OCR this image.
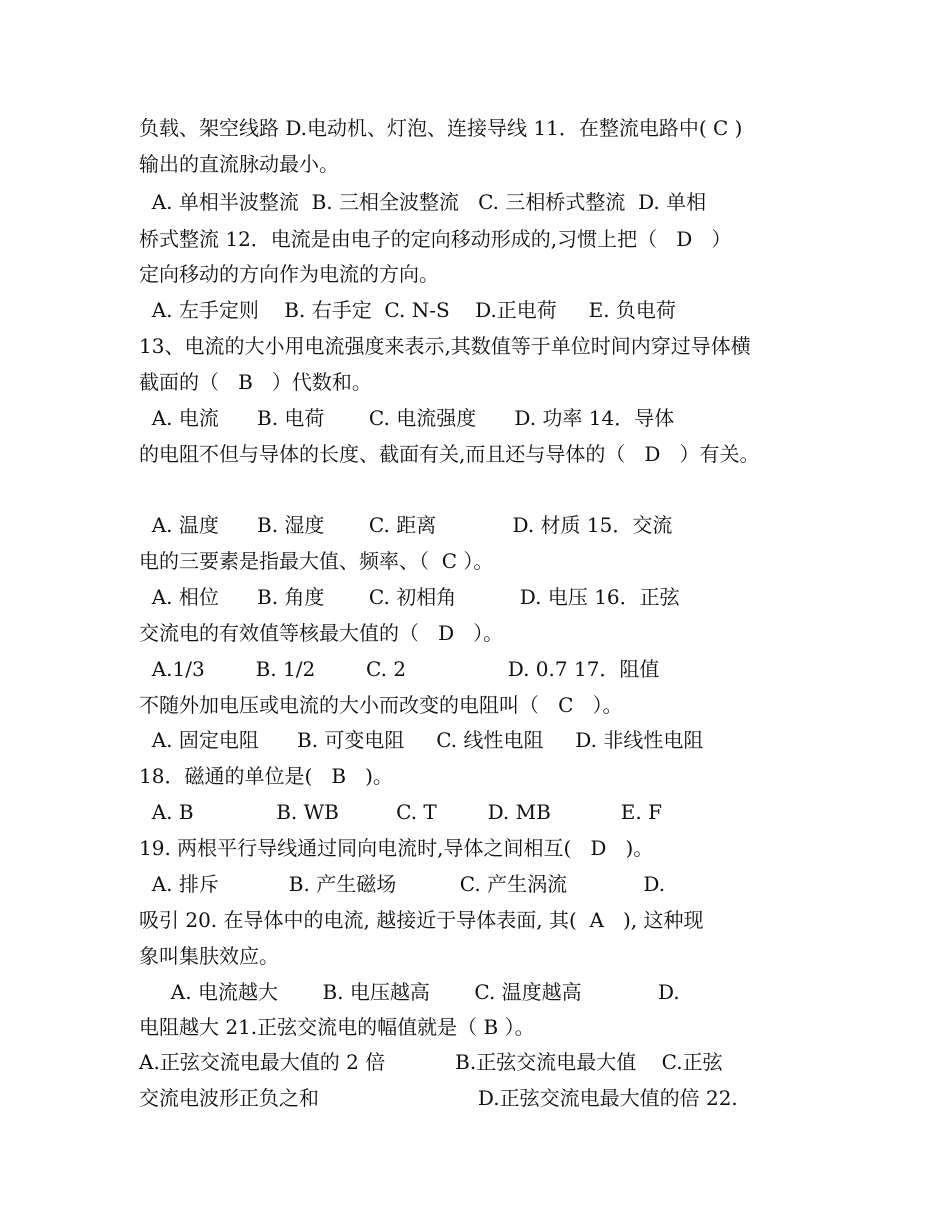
负载、架空线路 D.电动机、灯泡、连接导线 11．在整流电路中( C )
输出的直流脉动最小。
A. 单相半波整流  B. 三相全波整流   C. 三相桥式整流  D. 单相
桥式整流 12．电流是由电子的定向移动形成的,习惯上把（   D   ）
定向移动的方向作为电流的方向。
A. 左手定则    B. 右手定  C. N-S    D.正电荷     E. 负电荷
13、电流的大小用电流强度来表示,其数值等于单位时间内穿过导体横
截面的（   B   ）代数和。
A. 电流      B. 电荷       C. 电流强度      D. 功率 14．导体
的电阻不但与导体的长度、截面有关,而且还与导体的（   D   ）有关。
A. 温度      B. 湿度       C. 距离            D. 材质 15．交流
电的三要素是指最大值、频率、（  C ）。
A. 相位      B. 角度       C. 初相角          D. 电压 16．正弦
交流电的有效值等核最大值的（   D   ）。
A.1/3        B. 1/2        C. 2                D. 0.7 17．阻值
不随外加电压或电流的大小而改变的电阻叫（   C   ）。
A. 固定电阻      B. 可变电阻     C. 线性电阻     D. 非线性电阻
18．磁通的单位是(   B   )。
A. B             B. WB         C. T        D. MB           E. F
19. 两根平行导线通过同向电流时,导体之间相互(   D   )。
A. 排斥           B. 产生磁场          C. 产生涡流            D.
吸引 20. 在导体中的电流, 越接近于导体表面, 其(  A   ), 这种现
象叫集肤效应。
A. 电流越大       B. 电压越高       C. 温度越高            D.
电阻越大 21.正弦交流电的幅值就是（ B ）。
A.正弦交流电最大值的 2 倍           B.正弦交流电最大值    C.正弦
交流电波形正负之和                         D.正弦交流电最大值的倍 22.
